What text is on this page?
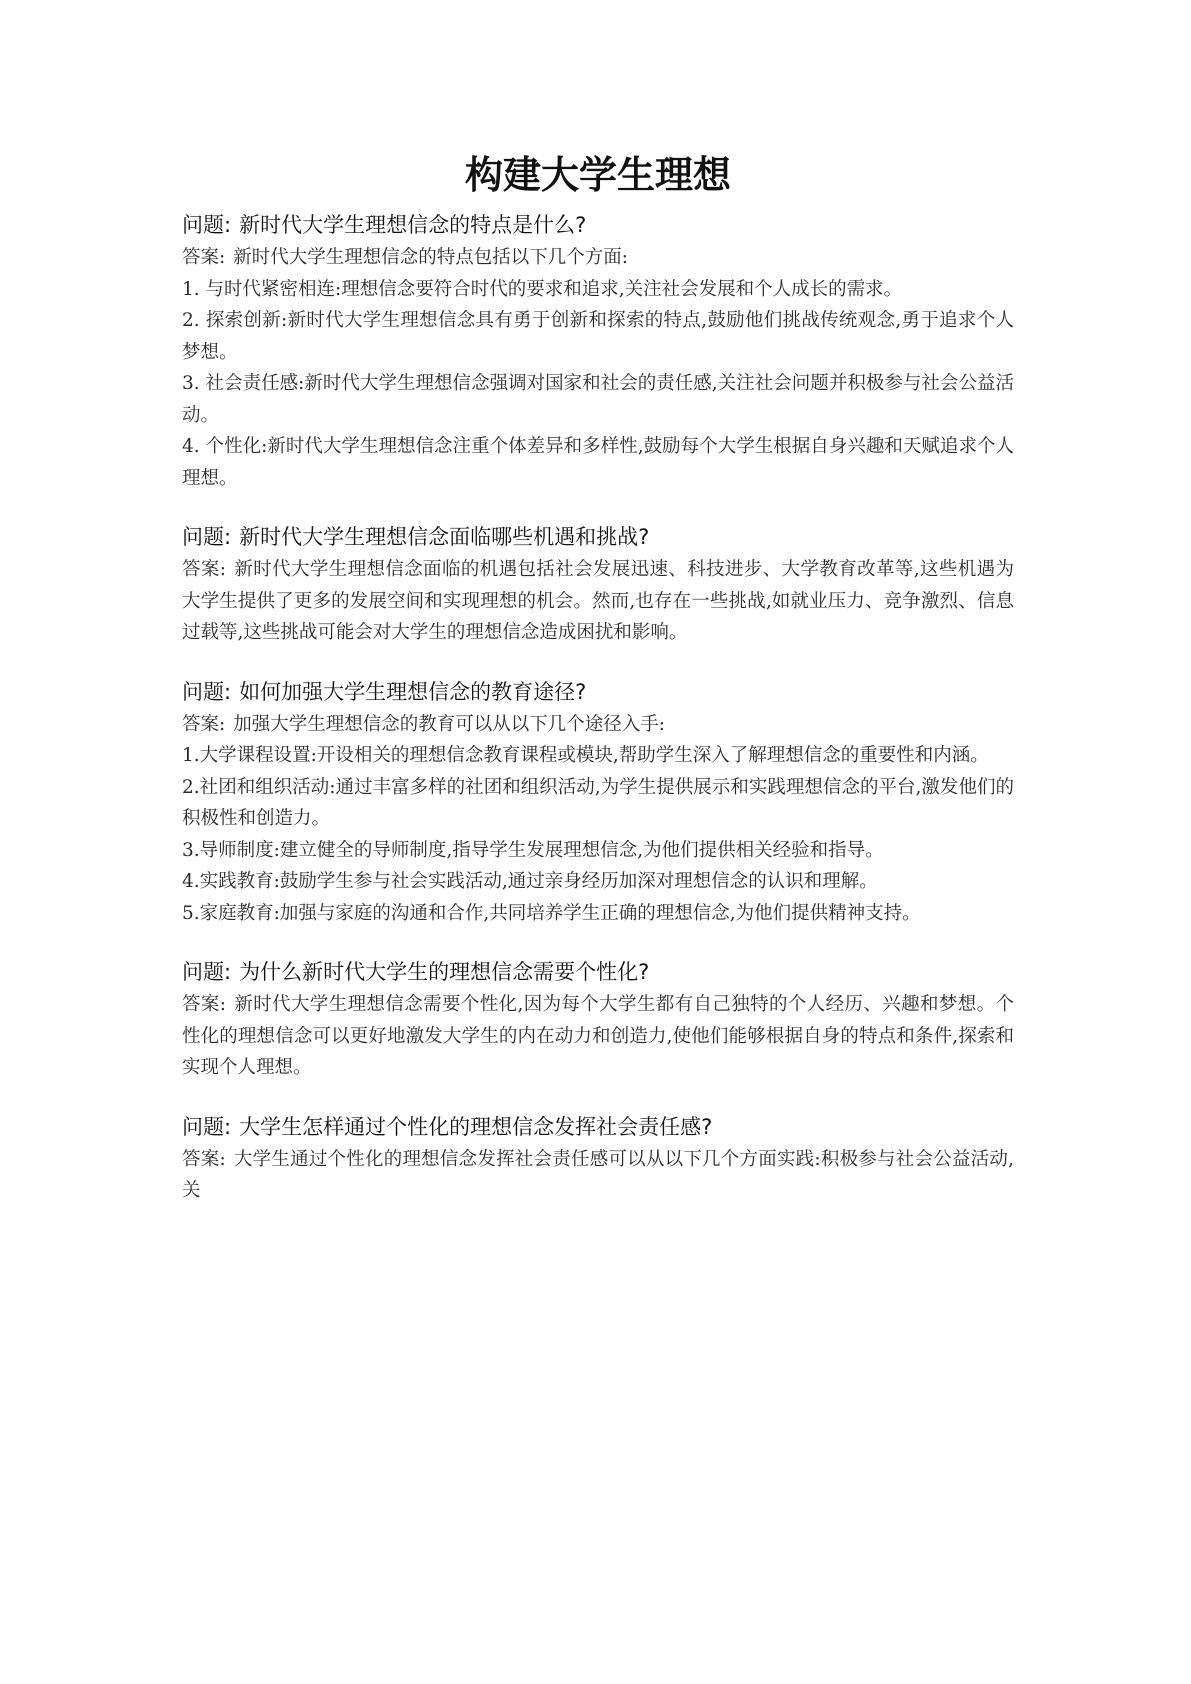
构建大学生理想
问题: 新时代大学生理想信念的特点是什么?
答案: 新时代大学生理想信念的特点包括以下几个方面:
1. 与时代紧密相连:理想信念要符合时代的要求和追求,关注社会发展和个人成长的需求。
2. 探索创新:新时代大学生理想信念具有勇于创新和探索的特点,鼓励他们挑战传统观念,勇于追求个人梦想。
3. 社会责任感:新时代大学生理想信念强调对国家和社会的责任感,关注社会问题并积极参与社会公益活动。
4. 个性化:新时代大学生理想信念注重个体差异和多样性,鼓励每个大学生根据自身兴趣和天赋追求个人理想。
问题: 新时代大学生理想信念面临哪些机遇和挑战?
答案: 新时代大学生理想信念面临的机遇包括社会发展迅速、科技进步、大学教育改革等,这些机遇为大学生提供了更多的发展空间和实现理想的机会。然而,也存在一些挑战,如就业压力、竞争激烈、信息过载等,这些挑战可能会对大学生的理想信念造成困扰和影响。
问题: 如何加强大学生理想信念的教育途径?
答案: 加强大学生理想信念的教育可以从以下几个途径入手:
1.大学课程设置:开设相关的理想信念教育课程或模块,帮助学生深入了解理想信念的重要性和内涵。
2.社团和组织活动:通过丰富多样的社团和组织活动,为学生提供展示和实践理想信念的平台,激发他们的积极性和创造力。
3.导师制度:建立健全的导师制度,指导学生发展理想信念,为他们提供相关经验和指导。
4.实践教育:鼓励学生参与社会实践活动,通过亲身经历加深对理想信念的认识和理解。
5.家庭教育:加强与家庭的沟通和合作,共同培养学生正确的理想信念,为他们提供精神支持。
问题: 为什么新时代大学生的理想信念需要个性化?
答案: 新时代大学生理想信念需要个性化,因为每个大学生都有自己独特的个人经历、兴趣和梦想。个性化的理想信念可以更好地激发大学生的内在动力和创造力,使他们能够根据自身的特点和条件,探索和实现个人理想。
问题: 大学生怎样通过个性化的理想信念发挥社会责任感?
答案: 大学生通过个性化的理想信念发挥社会责任感可以从以下几个方面实践:积极参与社会公益活动,关
